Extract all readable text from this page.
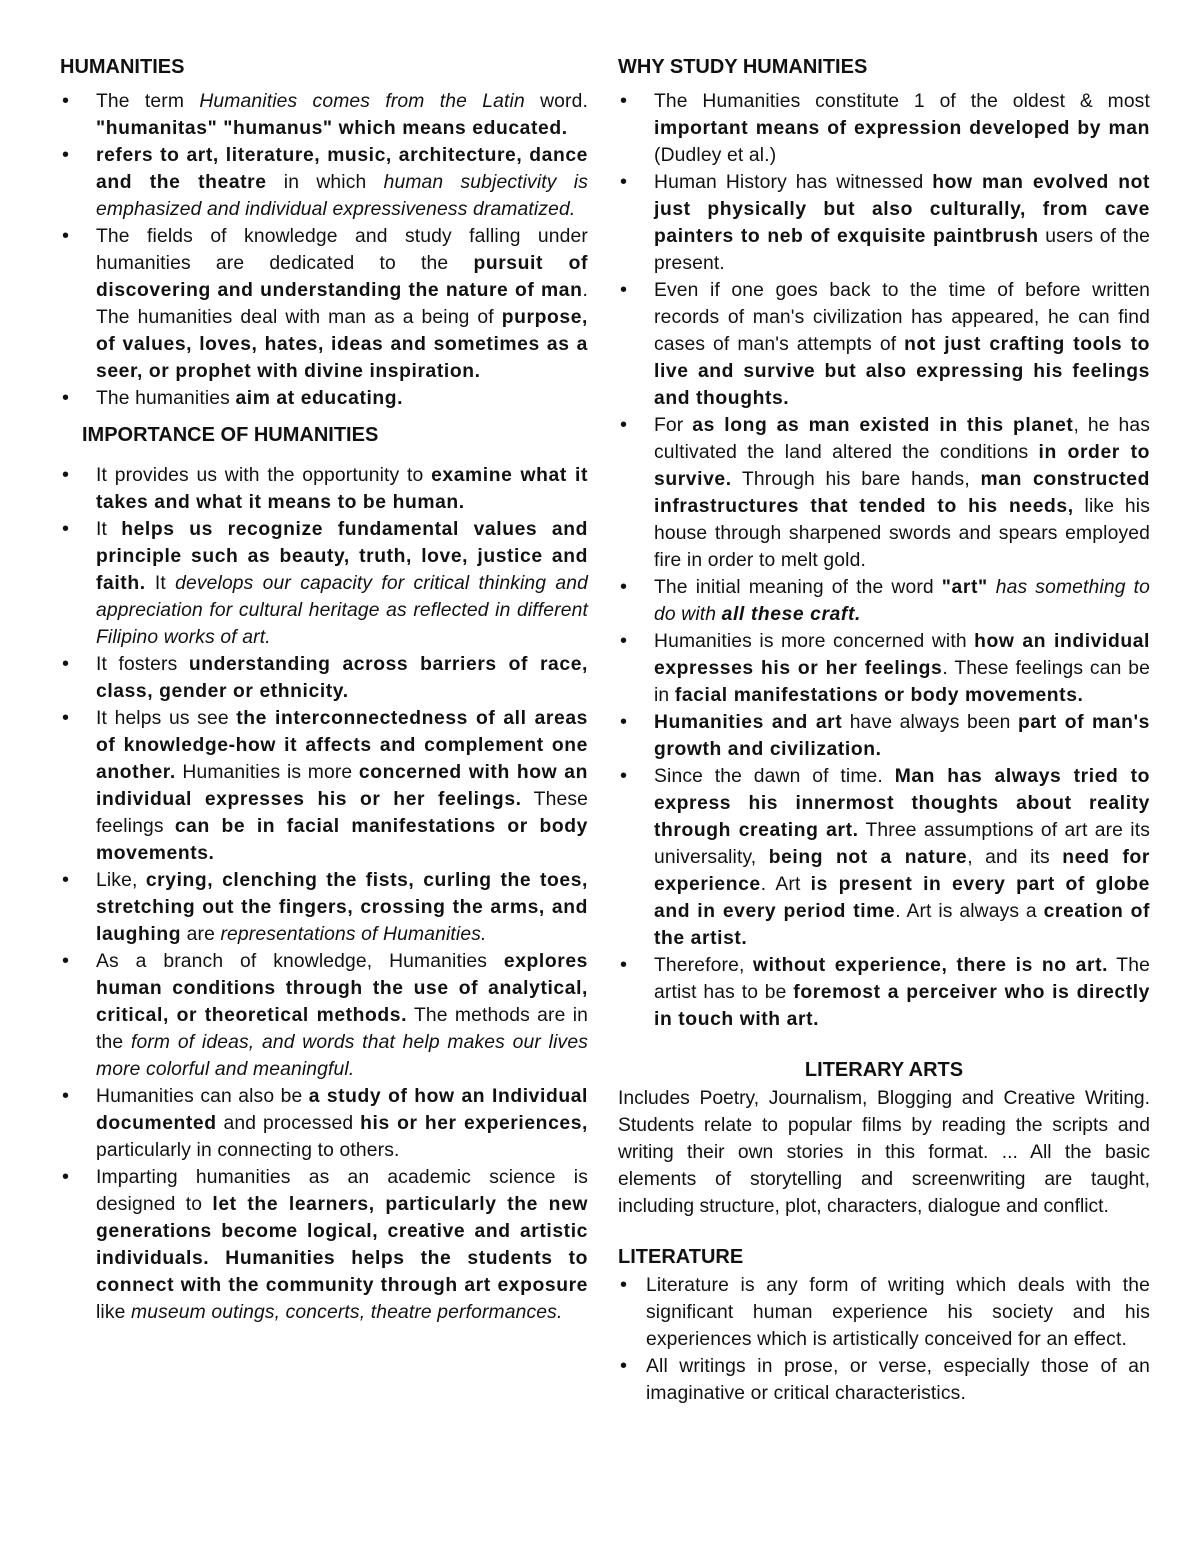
HUMANITIES
• The term Humanities comes from the Latin word. "humanitas" "humanus" which means educated.
• refers to art, literature, music, architecture, dance and the theatre in which human subjectivity is emphasized and individual expressiveness dramatized.
• The fields of knowledge and study falling under humanities are dedicated to the pursuit of discovering and understanding the nature of man. The humanities deal with man as a being of purpose, of values, loves, hates, ideas and sometimes as a seer, or prophet with divine inspiration.
• The humanities aim at educating.
IMPORTANCE OF HUMANITIES
• It provides us with the opportunity to examine what it takes and what it means to be human.
• It helps us recognize fundamental values and principle such as beauty, truth, love, justice and faith. It develops our capacity for critical thinking and appreciation for cultural heritage as reflected in different Filipino works of art.
• It fosters understanding across barriers of race, class, gender or ethnicity.
• It helps us see the interconnectedness of all areas of knowledge-how it affects and complement one another. Humanities is more concerned with how an individual expresses his or her feelings. These feelings can be in facial manifestations or body movements.
• Like, crying, clenching the fists, curling the toes, stretching out the fingers, crossing the arms, and laughing are representations of Humanities.
• As a branch of knowledge, Humanities explores human conditions through the use of analytical, critical, or theoretical methods. The methods are in the form of ideas, and words that help makes our lives more colorful and meaningful.
• Humanities can also be a study of how an Individual documented and processed his or her experiences, particularly in connecting to others.
• Imparting humanities as an academic science is designed to let the learners, particularly the new generations become logical, creative and artistic individuals. Humanities helps the students to connect with the community through art exposure like museum outings, concerts, theatre performances.
WHY STUDY HUMANITIES
• The Humanities constitute 1 of the oldest & most important means of expression developed by man (Dudley et al.)
• Human History has witnessed how man evolved not just physically but also culturally, from cave painters to neb of exquisite paintbrush users of the present.
• Even if one goes back to the time of before written records of man's civilization has appeared, he can find cases of man's attempts of not just crafting tools to live and survive but also expressing his feelings and thoughts.
• For as long as man existed in this planet, he has cultivated the land altered the conditions in order to survive. Through his bare hands, man constructed infrastructures that tended to his needs, like his house through sharpened swords and spears employed fire in order to melt gold.
• The initial meaning of the word "art" has something to do with all these craft.
• Humanities is more concerned with how an individual expresses his or her feelings. These feelings can be in facial manifestations or body movements.
• Humanities and art have always been part of man's growth and civilization.
• Since the dawn of time. Man has always tried to express his innermost thoughts about reality through creating art. Three assumptions of art are its universality, being not a nature, and its need for experience. Art is present in every part of globe and in every period time. Art is always a creation of the artist.
• Therefore, without experience, there is no art. The artist has to be foremost a perceiver who is directly in touch with art.
LITERARY ARTS

Includes Poetry, Journalism, Blogging and Creative Writing. Students relate to popular films by reading the scripts and writing their own stories in this format. ... All the basic elements of storytelling and screenwriting are taught, including structure, plot, characters, dialogue and conflict.

LITERATURE
• Literature is any form of writing which deals with the significant human experience his society and his experiences which is artistically conceived for an effect.
• All writings in prose, or verse, especially those of an imaginative or critical characteristics.
